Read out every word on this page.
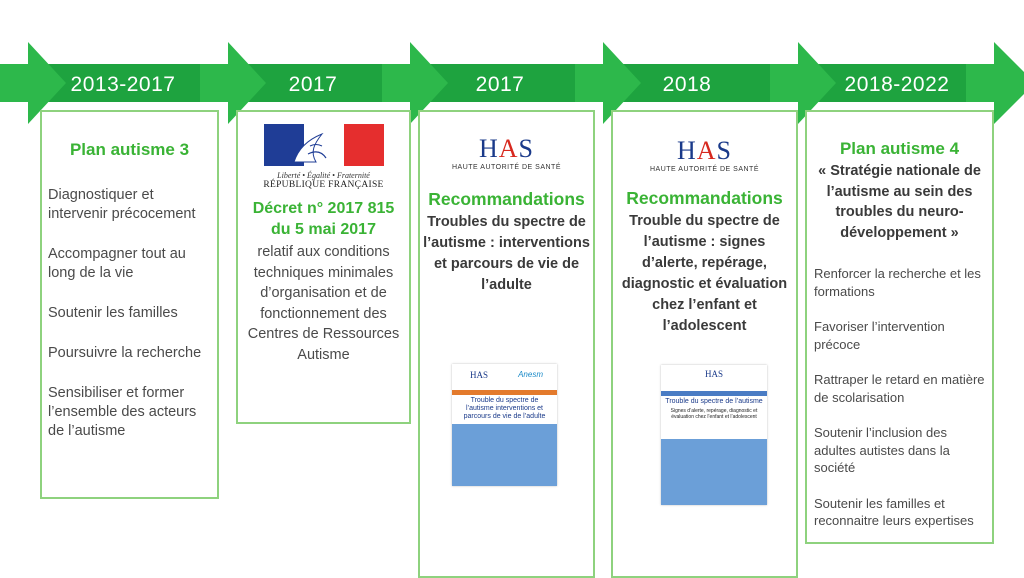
2013-2017	2017	2017	2018	2018-2022
Plan autisme 3

Diagnostiquer et intervenir précocement

Accompagner tout au long de la vie

Soutenir les familles

Poursuivre la recherche

Sensibiliser et former l’ensemble des acteurs de l’autisme

Liberté • Égalité • Fraternité
RÉPUBLIQUE FRANÇAISE
Décret n° 2017 815
du 5 mai 2017
relatif aux conditions techniques minimales d’organisation et de fonctionnement des Centres de Ressources Autisme
HAS
HAUTE AUTORITÉ DE SANTÉ
Recommandations
Troubles du spectre de l’autisme : interventions et parcours de vie de l’adulte
HAS	Anesm
Trouble du spectre de l’autisme interventions et parcours de vie de l’adulte
HAS
HAUTE AUTORITÉ DE SANTÉ
Recommandations
Trouble du spectre de l’autisme : signes d’alerte, repérage, diagnostic et évaluation chez l’enfant et l’adolescent
HAS
Trouble du spectre de l’autisme
Signes d’alerte, repérage, diagnostic et évaluation chez l’enfant et l’adolescent
Plan autisme 4
« Stratégie nationale de l’autisme au sein des troubles du neuro-développement »

Renforcer la recherche et les formations

Favoriser l’intervention précoce

Rattraper le retard en matière de scolarisation

Soutenir l’inclusion des adultes autistes dans la société

Soutenir les familles et reconnaitre leurs expertises
